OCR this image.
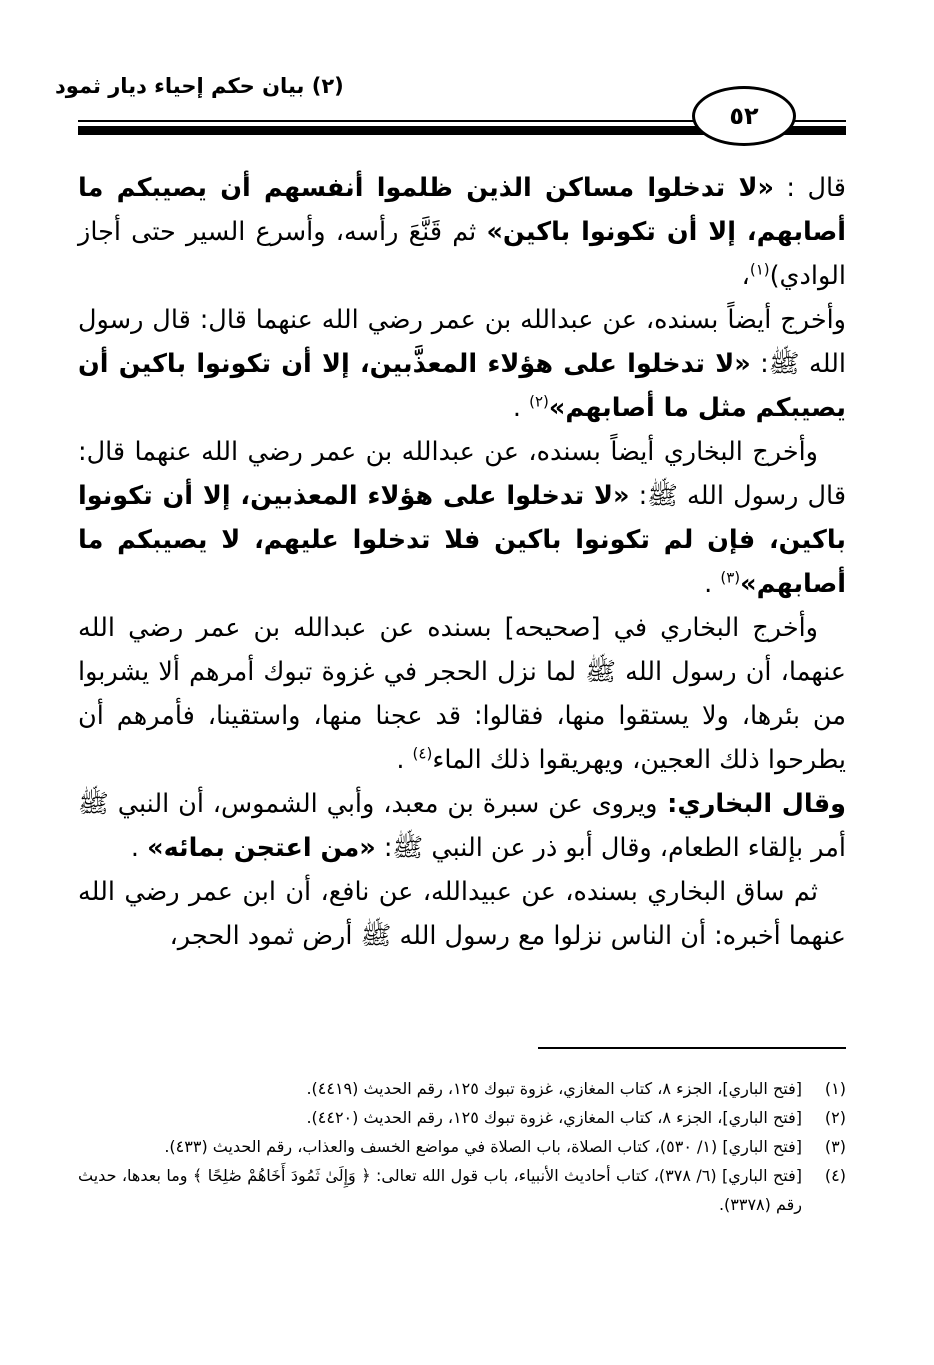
(٢) بيان حكم إحياء ديار ثمود
٥٢

قال : «لا تدخلوا مساكن الذين ظلموا أنفسهم أن يصيبكم ما أصابهم، إلا أن تكونوا باكين» ثم قَنَّعَ رأسه، وأسرع السير حتى أجاز الوادي)$^{(١)}$،

وأخرج أيضاً بسنده، عن عبدالله بن عمر رضي الله عنهما قال: قال رسول الله ﷺ: «لا تدخلوا على هؤلاء المعذَّبين، إلا أن تكونوا باكين أن يصيبكم مثل ما أصابهم»$^{(٢)}$ .

وأخرج البخاري أيضاً بسنده، عن عبدالله بن عمر رضي الله عنهما قال: قال رسول الله ﷺ: «لا تدخلوا على هؤلاء المعذبين، إلا أن تكونوا باكين، فإن لم تكونوا باكين فلا تدخلوا عليهم، لا يصيبكم ما أصابهم»$^{(٣)}$ .

وأخرج البخاري في [صحيحه] بسنده عن عبدالله بن عمر رضي الله عنهما، أن رسول الله ﷺ لما نزل الحجر في غزوة تبوك أمرهم ألا يشربوا من بئرها، ولا يستقوا منها، فقالوا: قد عجنا منها، واستقينا، فأمرهم أن يطرحوا ذلك العجين، ويهريقوا ذلك الماء$^{(٤)}$ .

وقال البخاري: ويروى عن سبرة بن معبد، وأبي الشموس، أن النبي ﷺ أمر بإلقاء الطعام، وقال أبو ذر عن النبي ﷺ: «من اعتجن بمائه» .

ثم ساق البخاري بسنده، عن عبيدالله، عن نافع، أن ابن عمر رضي الله عنهما أخبره: أن الناس نزلوا مع رسول الله ﷺ أرض ثمود الحجر،

(١)
[فتح الباري]، الجزء ٨، كتاب المغازي، غزوة تبوك ١٢٥، رقم الحديث (٤٤١٩).
(٢)
[فتح الباري]، الجزء ٨، كتاب المغازي، غزوة تبوك ١٢٥، رقم الحديث (٤٤٢٠).
(٣)
[فتح الباري] (١/ ٥٣٠)، كتاب الصلاة، باب الصلاة في مواضع الخسف والعذاب، رقم الحديث (٤٣٣).
(٤)
[فتح الباري] (٦/ ٣٧٨)، كتاب أحاديث الأنبياء، باب قول الله تعالى: ﴿ وَإِلَىٰ ثَمُودَ أَخَاهُمْ صَٰلِحًا ﴾ وما بعدها، حديث رقم (٣٣٧٨).
